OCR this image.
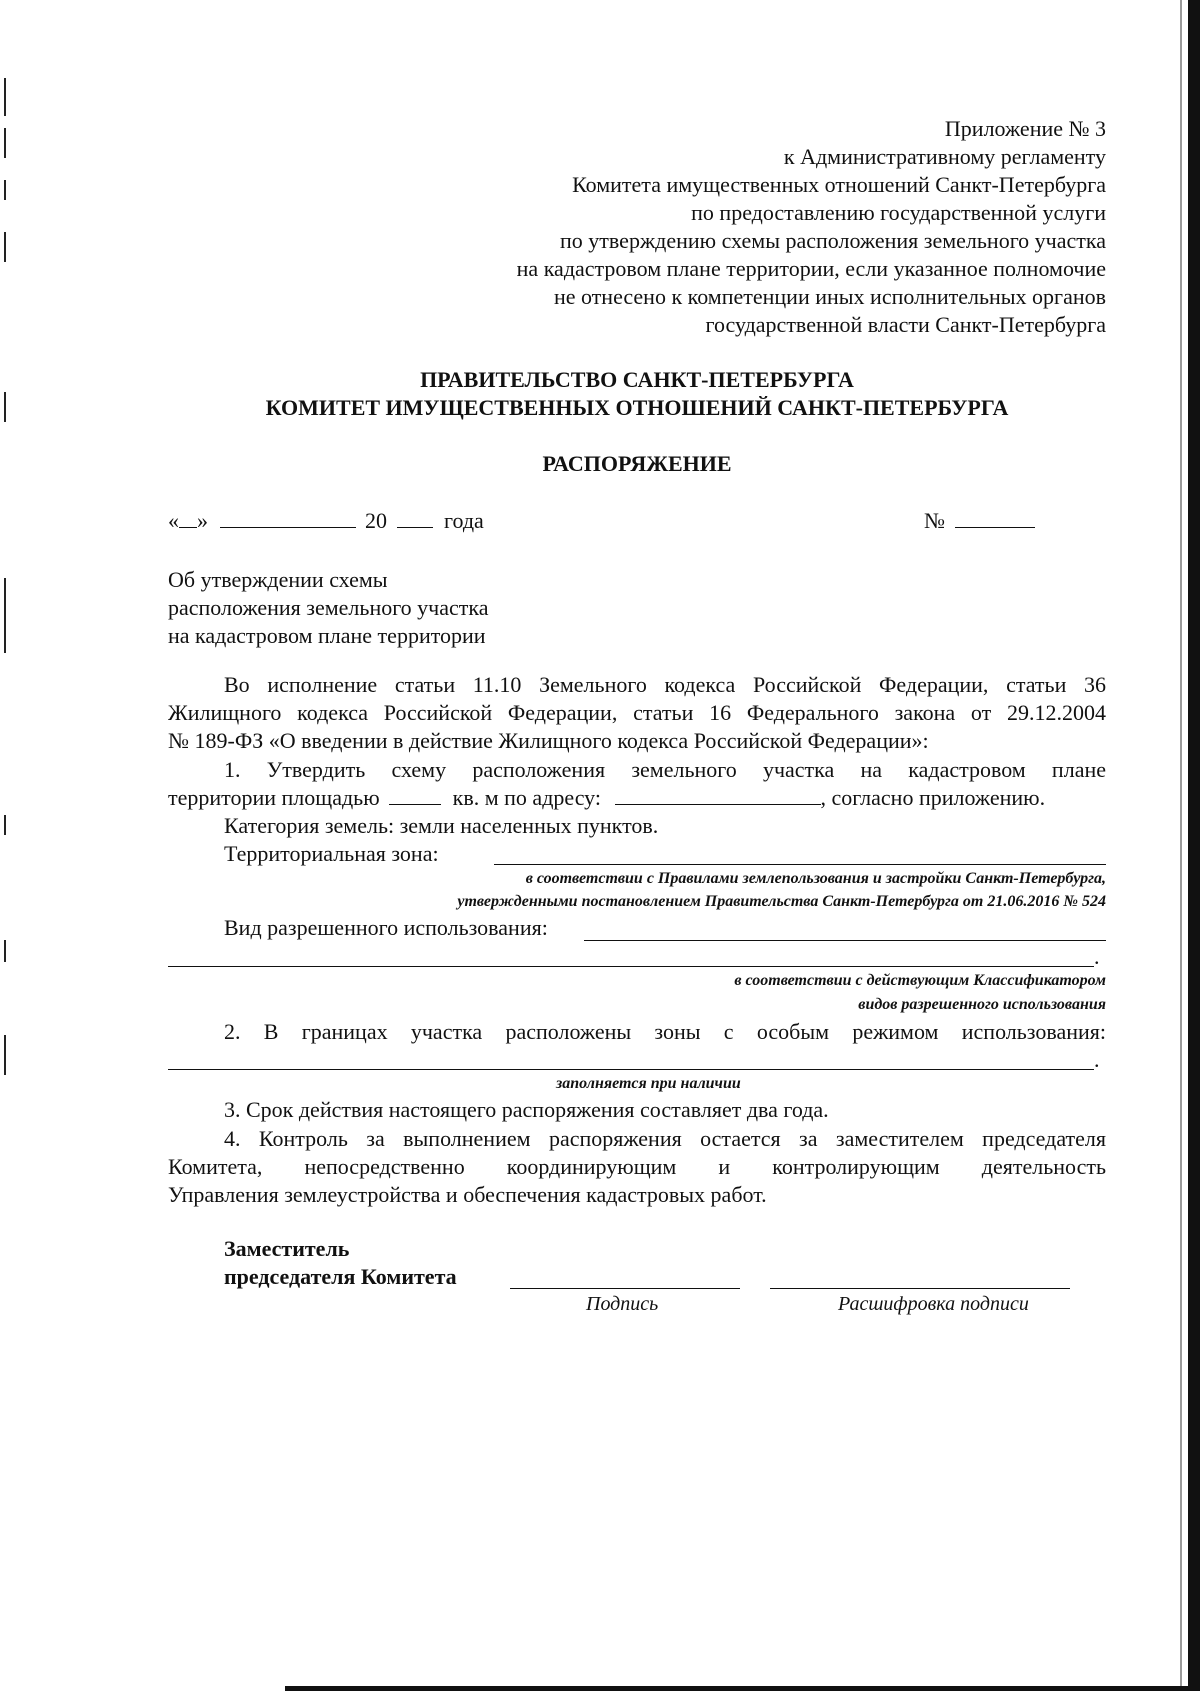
Приложение № 3
к Административному регламенту
Комитета имущественных отношений Санкт-Петербурга
по предоставлению государственной услуги
по утверждению схемы расположения земельного участка
на кадастровом плане территории, если указанное полномочие
не отнесено к компетенции иных исполнительных органов
государственной власти Санкт-Петербурга
ПРАВИТЕЛЬСТВО САНКТ-ПЕТЕРБУРГА
КОМИТЕТ ИМУЩЕСТВЕННЫХ ОТНОШЕНИЙ САНКТ-ПЕТЕРБУРГА
РАСПОРЯЖЕНИЕ
« »	20	года	№
Об утверждении схемы
расположения земельного участка
на кадастровом плане территории
Во исполнение статьи 11.10 Земельного кодекса Российской Федерации, статьи 36
Жилищного кодекса Российской Федерации, статьи 16 Федерального закона от 29.12.2004
№ 189-ФЗ «О введении в действие Жилищного кодекса Российской Федерации»:
1. Утвердить схему расположения земельного участка на кадастровом плане
территории площадью	кв. м по адресу:	, согласно приложению.
Категория земель: земли населенных пунктов.
Территориальная зона:
в соответствии с Правилами землепользования и застройки Санкт-Петербурга,
утвержденными постановлением Правительства Санкт-Петербурга от 21.06.2016 № 524
Вид разрешенного использования:
.
в соответствии с действующим Классификатором
видов разрешенного использования
2. В границах участка расположены зоны с особым режимом использования:
.
заполняется при наличии
3. Срок действия настоящего распоряжения составляет два года.
4. Контроль за выполнением распоряжения остается за заместителем председателя
Комитета, непосредственно координирующим и контролирующим деятельность
Управления землеустройства и обеспечения кадастровых работ.
Заместитель
председателя Комитета
Подпись	Расшифровка подписи
